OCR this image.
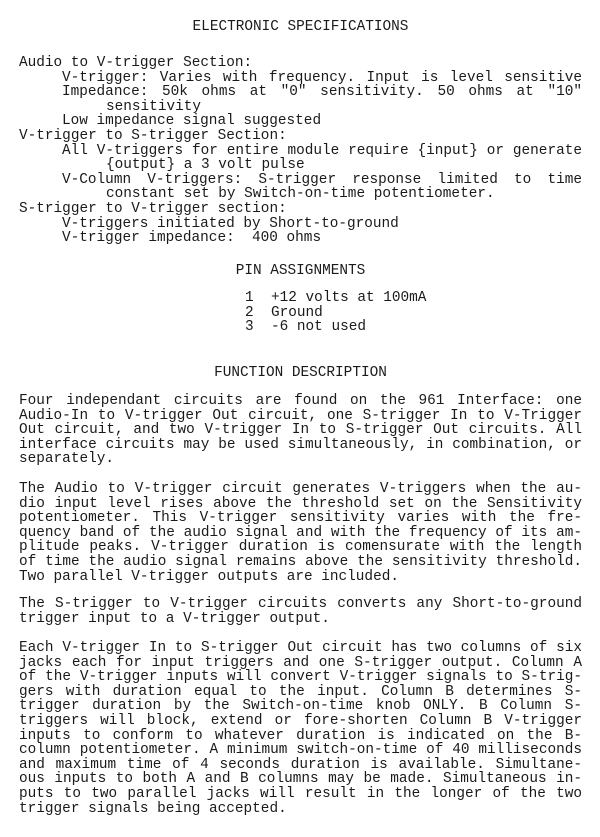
ELECTRONIC SPECIFICATIONS
Audio to V-trigger Section:
V-trigger: Varies with frequency. Input is level sensitive
Impedance: 50k ohms at "0" sensitivity. 50 ohms at "10"
sensitivity
Low impedance signal suggested
V-trigger to S-trigger Section:
All V-triggers for entire module require {input} or generate
{output} a 3 volt pulse
V-Column V-triggers: S-trigger response limited to time
constant set by Switch-on-time potentiometer.
S-trigger to V-trigger section:
V-triggers initiated by Short-to-ground
V-trigger impedance:  400 ohms
PIN ASSIGNMENTS
1 +12 volts at 100mA
2 Ground
3 -6 not used
FUNCTION DESCRIPTION
Four independant circuits are found on the 961 Interface: one
Audio-In to V-trigger Out circuit, one S-trigger In to V-Trigger
Out circuit, and two V-trigger In to S-trigger Out circuits. All
interface circuits may be used simultaneously, in combination, or
separately.
The Audio to V-trigger circuit generates V-triggers when the au-
dio input level rises above the threshold set on the Sensitivity
potentiometer. This V-trigger sensitivity varies with the fre-
quency band of the audio signal and with the frequency of its am-
plitude peaks. V-trigger duration is comensurate with the length
of time the audio signal remains above the sensitivity threshold.
Two parallel V-trigger outputs are included.
The S-trigger to V-trigger circuits converts any Short-to-ground
trigger input to a V-trigger output.
Each V-trigger In to S-trigger Out circuit has two columns of six
jacks each for input triggers and one S-trigger output. Column A
of the V-trigger inputs will convert V-trigger signals to S-trig-
gers with duration equal to the input. Column B determines S-
trigger duration by the Switch-on-time knob ONLY. B Column S-
triggers will block, extend or fore-shorten Column B V-trigger
inputs to conform to whatever duration is indicated on the B-
column potentiometer. A minimum switch-on-time of 40 milliseconds
and maximum time of 4 seconds duration is available. Simultane-
ous inputs to both A and B columns may be made. Simultaneous in-
puts to two parallel jacks will result in the longer of the two
trigger signals being accepted.
